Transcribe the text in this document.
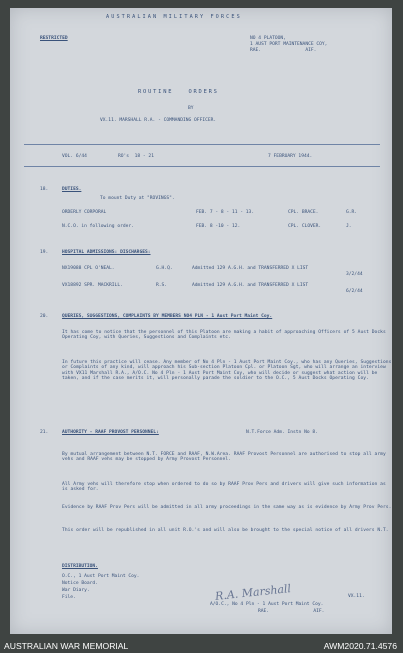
AUSTRALIAN MILITARY FORCES
RESTRICTED	NO 4 PLATOON,
1 AUST PORT MAINTENANCE COY,
RAE.                AIF.
ROUTINE   ORDERS
BY
VX.11. MARSHALL R.A. - COMMANDING OFFICER.
VOL. 6/44	RO's  18 - 21	7 FEBRUARY 1944.
18.	DUTIES.
To mount Duty at "ROVINGS".
ORDERLY CORPORAL	FEB. 7 - 8 - 11 - 13.	CPL. BRACE.	G.R.
N.C.O. in following order.	FEB. 8 -10 - 12.	CPL. CLOVER.	J.
19.	HOSPITAL ADMISSIONS: DISCHARGES:
NX19088 CPL O'NEAL.	G.H.Q.	Admitted 129 A.G.H. and TRANSFERRED X LIST
3/2/44
VX18892 SPR. MACKRILL.	R.S.	Admitted 129 A.G.H. and TRANSFERRED X LIST
6/2/44
20.	QUERIES, SUGGESTIONS, COMPLAINTS BY MEMBERS NO4 PLN - 1 Aust Port Maint Coy.
It has come to notice that the personnel of this Platoon are making a habit of approaching Officers of 5 Aust Docks Operating Coy, with Queries, Suggestions and Complaints etc.
In future this practice will cease. Any member of No 4 Pln - 1 Aust Port Maint Coy., who has any Queries, Suggestions or Complaints of any kind, will approach his Sub-section Platoon Cpl. or Platoon Sgt, who will arrange an interview with VX11 Marshall R.A., A/O.C. No 4 Pln - 1 Aust Port Maint Coy, who will decide or suggest what action will be taken, and if the case merits it, will personally parade the soldier to the O.C., 5 Aust Docks Operating Coy.
21.	AUTHORITY - RAAF PROVOST PERSONNEL:	N.T.Force Adm. Instn No 8.
By mutual arrangement between N.T. FORCE and RAAF, N.W.Area. RAAF Provost Personnel are authorised to stop all army vehs and RAAF vehs may be stopped by Army Provost Personnel.
All Army vehs will therefore stop when ordered to do so by RAAF Prov Pers and drivers will give such information as is asked for.
Evidence by RAAF Prov Pers will be admitted in all army proceedings in the same way as is evidence by Army Prov Pers.
This order will be republished in all unit R.O.'s and will also be brought to the special notice of all drivers N.T.
DISTRIBUTION.
O.C., 1 Aust Port Maint Coy.
Notice Board.
War Diary.
File.	R.A. Marshall	VX.11.
A/O.C., No 4 Pln - 1 Aust Port Maint Coy.
RAE.                AIF.
AUSTRALIAN WAR MEMORIAL	AWM2020.71.4576
